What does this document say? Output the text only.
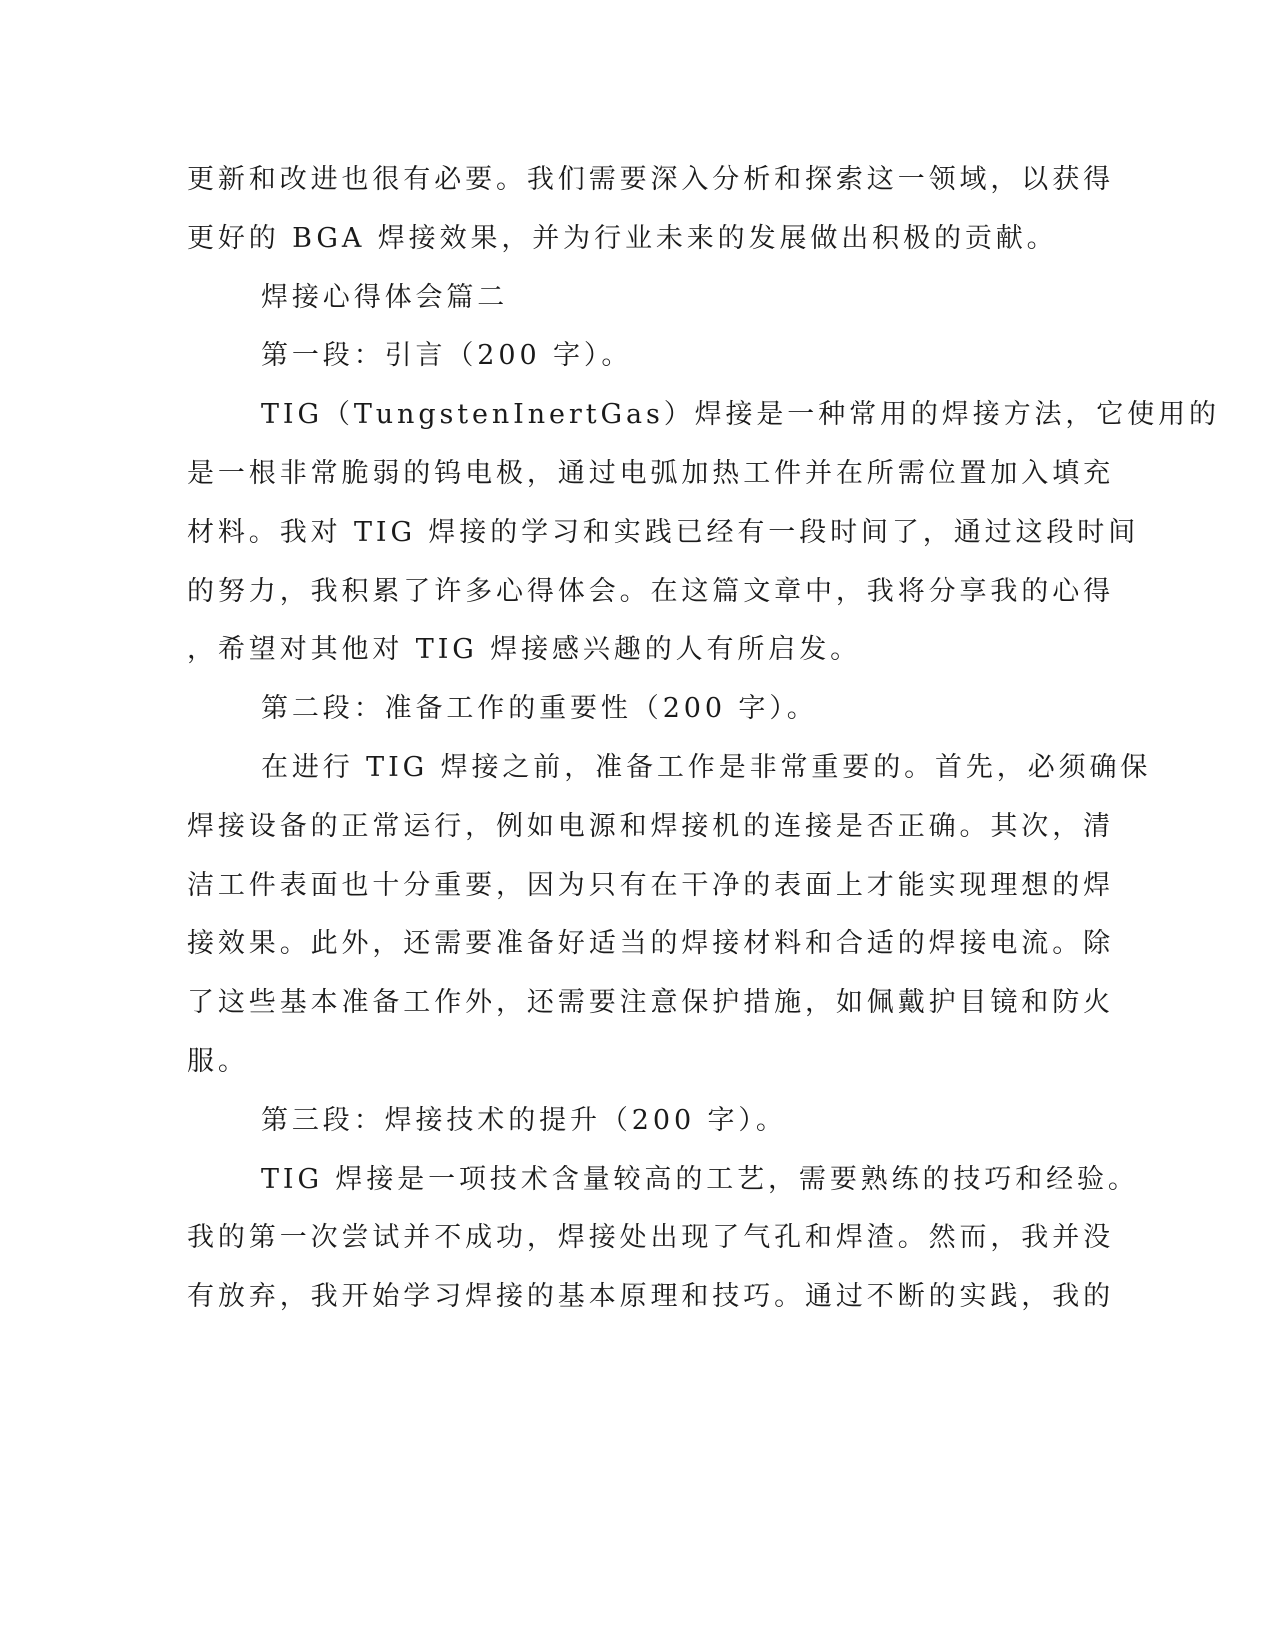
更新和改进也很有必要。我们需要深入分析和探索这一领域，以获得
更好的 BGA 焊接效果，并为行业未来的发展做出积极的贡献。
焊接心得体会篇二
第一段：引言（200 字）。
TIG（TungstenInertGas）焊接是一种常用的焊接方法，它使用的
是一根非常脆弱的钨电极，通过电弧加热工件并在所需位置加入填充
材料。我对 TIG 焊接的学习和实践已经有一段时间了，通过这段时间
的努力，我积累了许多心得体会。在这篇文章中，我将分享我的心得
，希望对其他对 TIG 焊接感兴趣的人有所启发。
第二段：准备工作的重要性（200 字）。
在进行 TIG 焊接之前，准备工作是非常重要的。首先，必须确保
焊接设备的正常运行，例如电源和焊接机的连接是否正确。其次，清
洁工件表面也十分重要，因为只有在干净的表面上才能实现理想的焊
接效果。此外，还需要准备好适当的焊接材料和合适的焊接电流。除
了这些基本准备工作外，还需要注意保护措施，如佩戴护目镜和防火
服。
第三段：焊接技术的提升（200 字）。
TIG 焊接是一项技术含量较高的工艺，需要熟练的技巧和经验。
我的第一次尝试并不成功，焊接处出现了气孔和焊渣。然而，我并没
有放弃，我开始学习焊接的基本原理和技巧。通过不断的实践，我的
